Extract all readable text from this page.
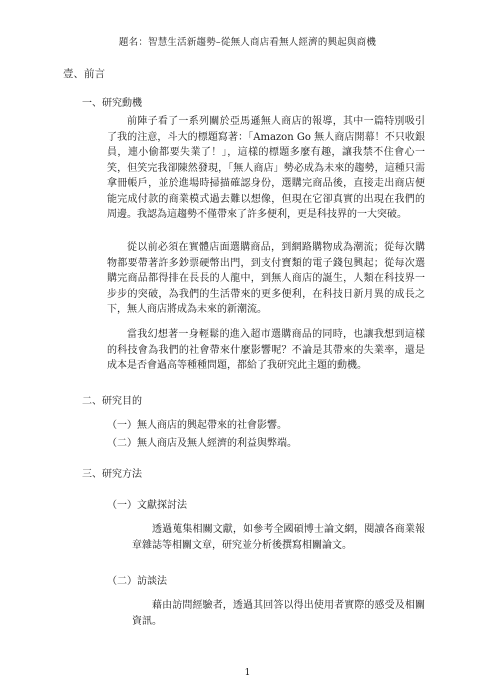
題名：智慧生活新趨勢–從無人商店看無人經濟的興起與商機
壹、前言
一、研究動機
前陣子看了一系列關於亞馬遜無人商店的報導，其中一篇特別吸引了我的注意，斗大的標題寫著：「Amazon Go 無人商店開幕！不只收銀員，連小偷都要失業了！」，這樣的標題多麼有趣，讓我禁不住會心一笑，但笑完我卻陳然發現，「無人商店」勢必成為未來的趨勢，這種只需拿冊帳戶，並於進場時掃描確認身份，選購完商品後，直接走出商店便能完成付款的商業模式過去難以想像，但現在它卻真實的出現在我們的周邊。我認為這趨勢不僅帶來了許多便利，更是科技界的一大突破。
從以前必須在實體店面選購商品，到網路購物成為潮流；從每次購物都要帶著許多鈔票硬幣出門，到支付寶類的電子錢包興起；從每次選購完商品都得排在長長的人龍中，到無人商店的誕生，人類在科技界一步步的突破，為我們的生活帶來的更多便利，在科技日新月異的成長之下，無人商店將成為未來的新潮流。
當我幻想著一身輕鬆的進入超市選購商品的同時，也讓我想到這樣的科技會為我們的社會帶來什麼影響呢？不論是其帶來的失業率，還是成本是否會過高等種種問題，都給了我研究此主題的動機。
二、研究目的
（一）無人商店的興起帶來的社會影響。
（二）無人商店及無人經濟的利益與弊端。
三、研究方法
（一）文獻探討法
透過蒐集相關文獻，如參考全國碩博士論文網，閱讀各商業報章雜誌等相關文章，研究並分析後撰寫相關論文。
（二）訪談法
藉由訪問經驗者，透過其回答以得出使用者實際的感受及相關資訊。
1
